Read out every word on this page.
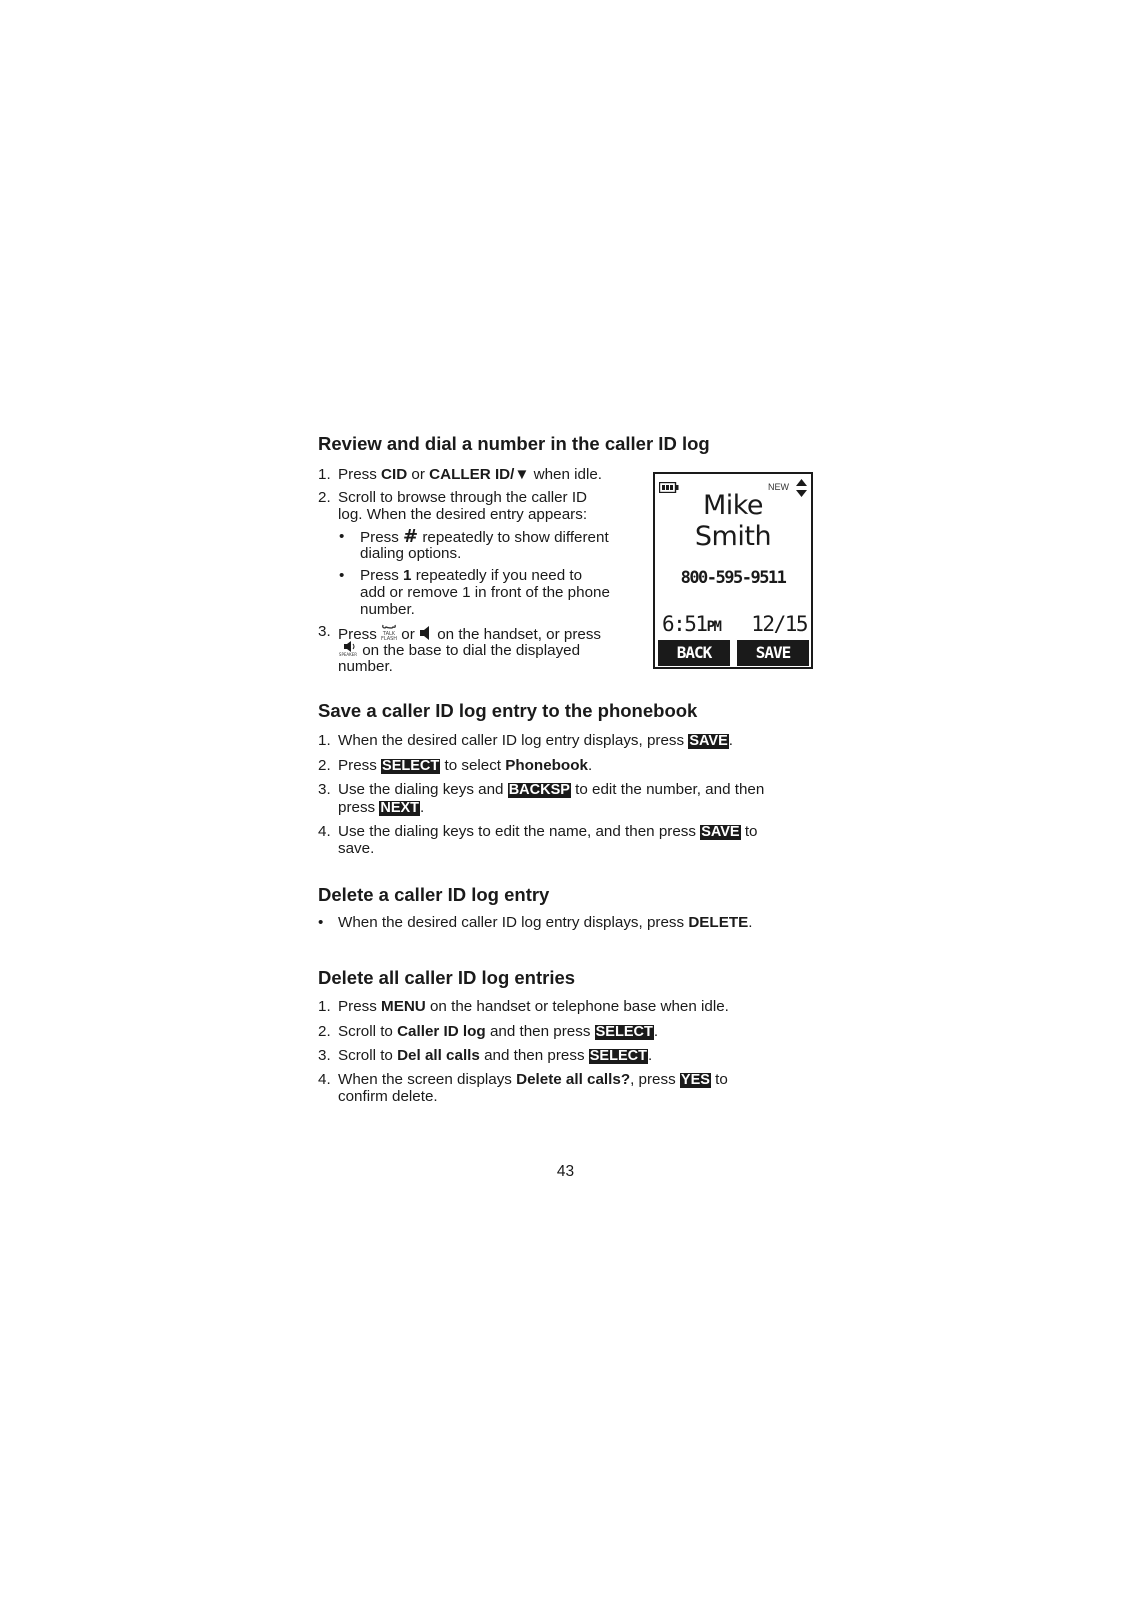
Review and dial a number in the caller ID log
1. Press CID or CALLER ID/▼ when idle.
2. Scroll to browse through the caller ID
log. When the desired entry appears:
• Press # repeatedly to show different
dialing options.
• Press 1 repeatedly if you need to
add or remove 1 in front of the phone
number.
3. Press TALK
FLASH or  on the handset, or press
SPEAKER on the base to dial the displayed
number.
Save a caller ID log entry to the phonebook
1. When the desired caller ID log entry displays, press SAVE.
2. Press SELECT to select Phonebook.
3. Use the dialing keys and BACKSP to edit the number, and then
press NEXT.
4. Use the dialing keys to edit the name, and then press SAVE to
save.
Delete a caller ID log entry
• When the desired caller ID log entry displays, press DELETE.
Delete all caller ID log entries
1. Press MENU on the handset or telephone base when idle.
2. Scroll to Caller ID log and then press SELECT.
3. Scroll to Del all calls and then press SELECT.
4. When the screen displays Delete all calls?, press YES to
confirm delete.
NEW
Mike
Smith
800-595-9511
6:51PM 12/15
BACK	SAVE
43
